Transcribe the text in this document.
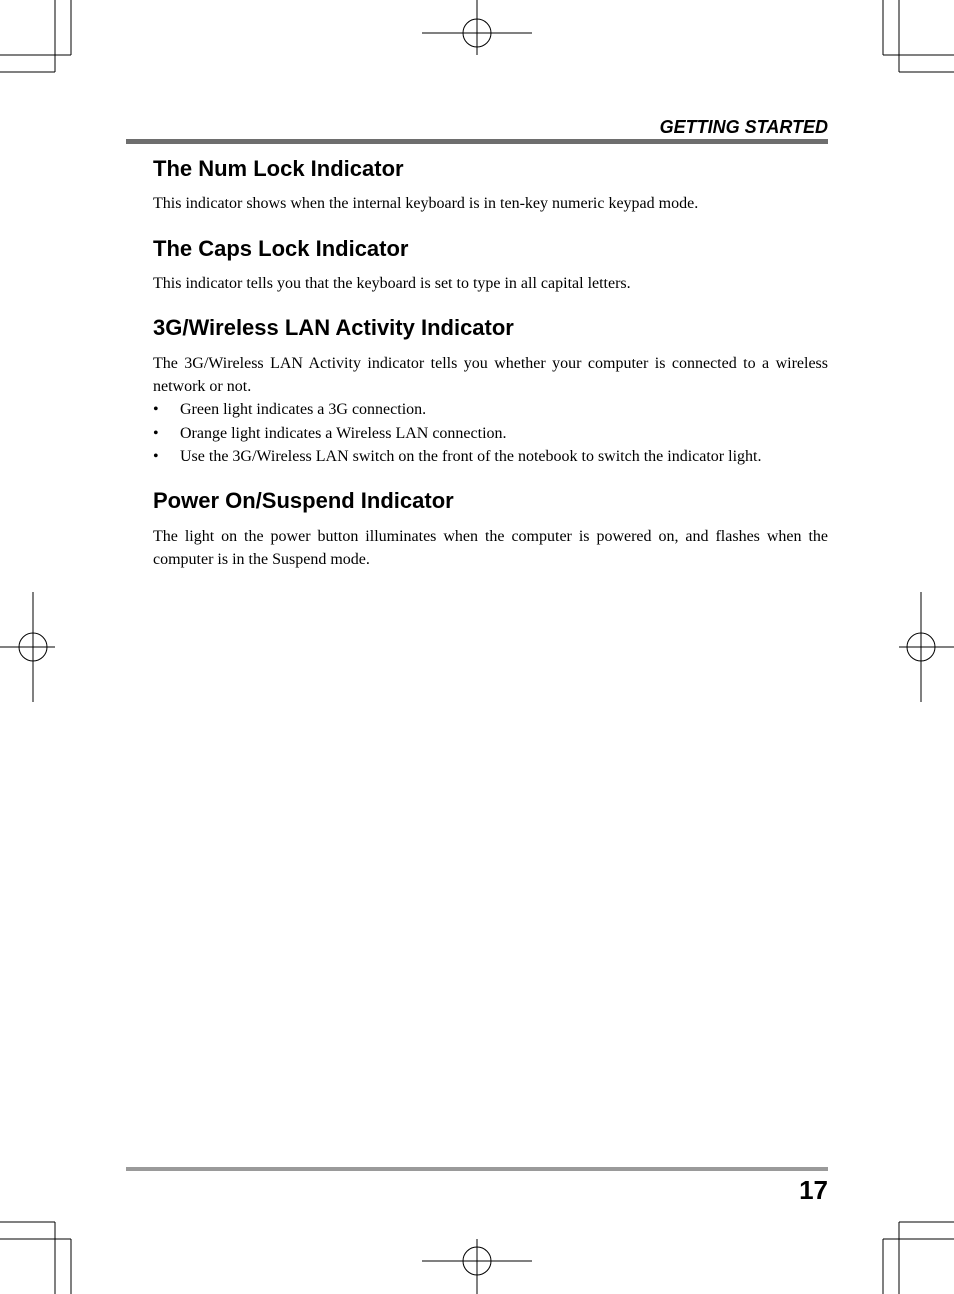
GETTING STARTED
The Num Lock Indicator

This indicator shows when the internal keyboard is in ten-key numeric keypad mode.

The Caps Lock Indicator

This indicator tells you that the keyboard is set to type in all capital letters.

3G/Wireless LAN Activity Indicator

The 3G/Wireless LAN Activity indicator tells you whether your computer is connected to a wireless network or not.

• Green light indicates a 3G connection.
• Orange light indicates a Wireless LAN connection.
• Use the 3G/Wireless LAN switch on the front of the notebook to switch the indicator light.
Power On/Suspend Indicator

The light on the power button illuminates when the computer is powered on, and flashes when the computer is in the Suspend mode.

17
